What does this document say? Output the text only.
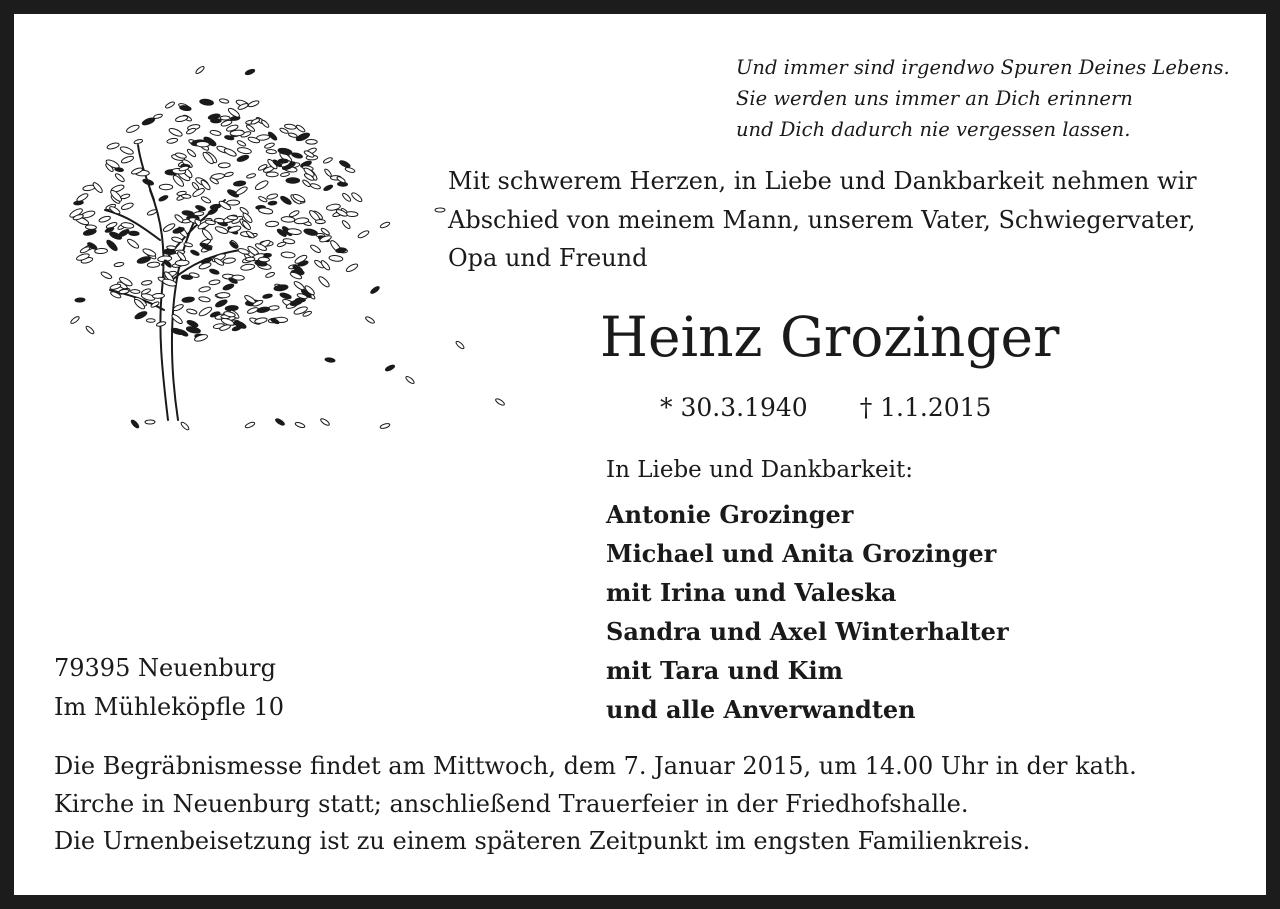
Und immer sind irgendwo Spuren Deines Lebens.
Sie werden uns immer an Dich erinnern
und Dich dadurch nie vergessen lassen.
Mit schwerem Herzen, in Liebe und Dankbarkeit nehmen wir
Abschied von meinem Mann, unserem Vater, Schwiegervater,
Opa und Freund
Heinz Grozinger
* 30.3.1940 † 1.1.2015
In Liebe und Dankbarkeit:
Antonie Grozinger
Michael und Anita Grozinger
mit Irina und Valeska
Sandra und Axel Winterhalter
mit Tara und Kim
und alle Anverwandten
79395 Neuenburg
Im Mühleköpfle 10
Die Begräbnismesse findet am Mittwoch, dem 7. Januar 2015, um 14.00 Uhr in der kath.
Kirche in Neuenburg statt; anschließend Trauerfeier in der Friedhofshalle.
Die Urnenbeisetzung ist zu einem späteren Zeitpunkt im engsten Familienkreis.
